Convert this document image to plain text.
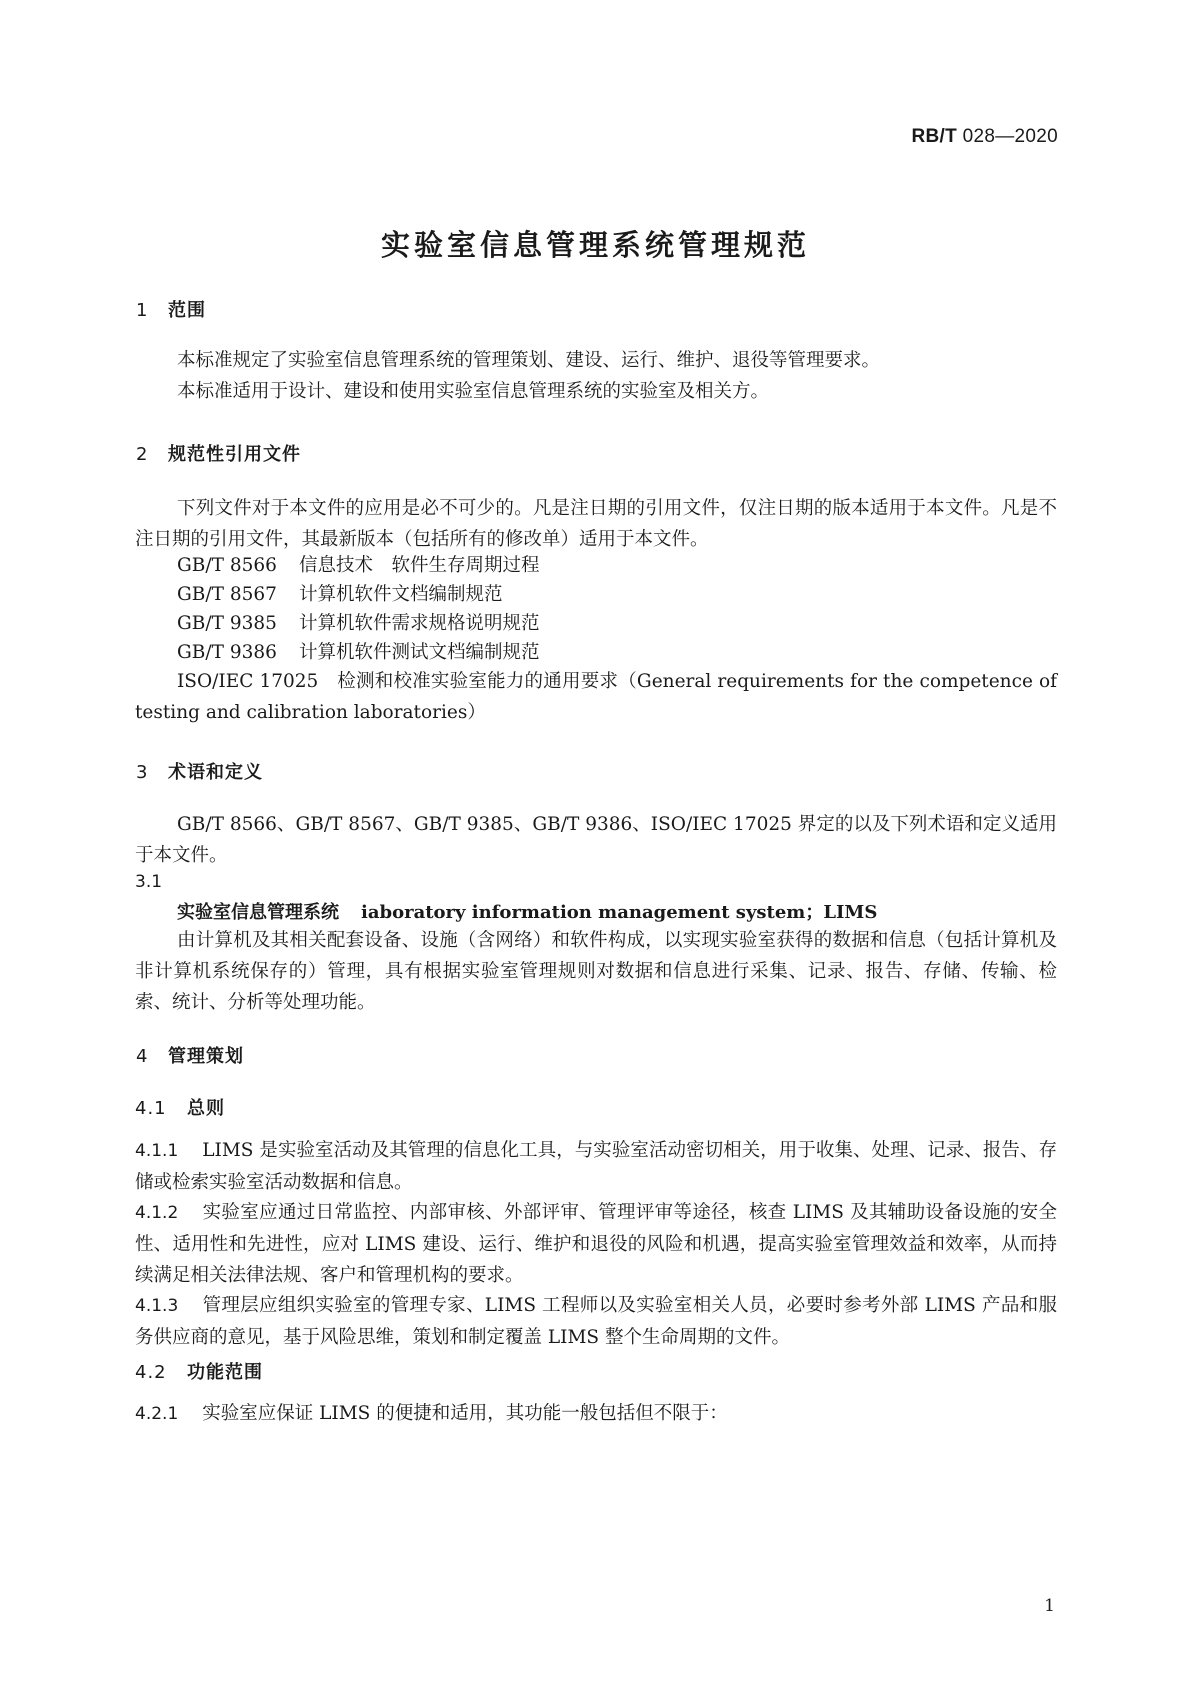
RB/T 028—2020
实验室信息管理系统管理规范
1 范围

本标准规定了实验室信息管理系统的管理策划、建设、运行、维护、退役等管理要求。

本标准适用于设计、建设和使用实验室信息管理系统的实验室及相关方。

2 规范性引用文件

下列文件对于本文件的应用是必不可少的。凡是注日期的引用文件，仅注日期的版本适用于本文件。凡是不注日期的引用文件，其最新版本（包括所有的修改单）适用于本文件。

GB/T 8566 信息技术　软件生存周期过程

GB/T 8567 计算机软件文档编制规范

GB/T 9385 计算机软件需求规格说明规范

GB/T 9386 计算机软件测试文档编制规范

ISO/IEC 17025　检测和校准实验室能力的通用要求（General requirements for the competence of testing and calibration laboratories）

3 术语和定义

GB/T 8566、GB/T 8567、GB/T 9385、GB/T 9386、ISO/IEC 17025 界定的以及下列术语和定义适用于本文件。

3.1

实验室信息管理系统 iaboratory information management system；LIMS

由计算机及其相关配套设备、设施（含网络）和软件构成，以实现实验室获得的数据和信息（包括计算机及非计算机系统保存的）管理，具有根据实验室管理规则对数据和信息进行采集、记录、报告、存储、传输、检索、统计、分析等处理功能。

4 管理策划
4.1 总则

4.1.1 LIMS 是实验室活动及其管理的信息化工具，与实验室活动密切相关，用于收集、处理、记录、报告、存储或检索实验室活动数据和信息。

4.1.2 实验室应通过日常监控、内部审核、外部评审、管理评审等途径，核查 LIMS 及其辅助设备设施的安全性、适用性和先进性，应对 LIMS 建设、运行、维护和退役的风险和机遇，提高实验室管理效益和效率，从而持续满足相关法律法规、客户和管理机构的要求。

4.1.3 管理层应组织实验室的管理专家、LIMS 工程师以及实验室相关人员，必要时参考外部 LIMS 产品和服务供应商的意见，基于风险思维，策划和制定覆盖 LIMS 整个生命周期的文件。

4.2 功能范围

4.2.1 实验室应保证 LIMS 的便捷和适用，其功能一般包括但不限于：

1
